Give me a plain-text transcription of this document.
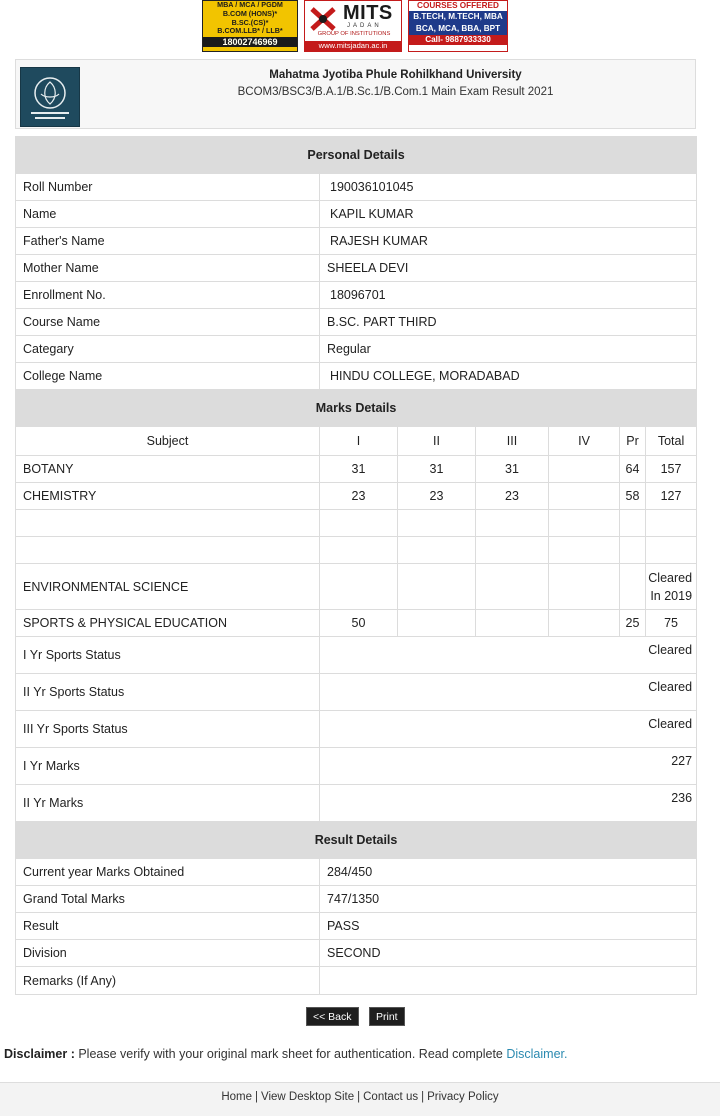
MBA / MCA / PGDM
B.COM (HONS)*
B.SC.(CS)*
B.COM.LLB* / LLB*
18002746969
MITS
JADAN
GROUP OF INSTITUTIONS
www.mitsjadan.ac.in
COURSES OFFERED
B.TECH, M.TECH, MBA
BCA, MCA, BBA, BPT
Call- 9887933330
Mahatma Jyotiba Phule Rohilkhand University
BCOM3/BSC3/B.A.1/B.Sc.1/B.Com.1 Main Exam Result 2021
Personal Details						
Roll Number	190036101045					
Name	KAPIL KUMAR					
Father's Name	RAJESH KUMAR					
Mother Name	SHEELA DEVI					
Enrollment No.	18096701					
Course Name	B.SC. PART THIRD					
Categary	Regular					
College Name	HINDU COLLEGE, MORADABAD					
Marks Details						
Subject	I	II	III	IV	Pr	Total
BOTANY	31	31	31		64	157
CHEMISTRY	23	23	23		58	127

ENVIRONMENTAL SCIENCE						Cleared In 2019
SPORTS & PHYSICAL EDUCATION	50				25	75
I Yr Sports Status	Cleared					
II Yr Sports Status	Cleared					
III Yr Sports Status	Cleared					
I Yr Marks	227					
II Yr Marks	236					
Result Details						
Current year Marks Obtained	284/450					
Grand Total Marks	747/1350					
Result	PASS					
Division	SECOND					
Remarks (If Any)						
<< Back	Print
Disclaimer : Please verify with your original mark sheet for authentication. Read complete Disclaimer.
Home | View Desktop Site | Contact us | Privacy Policy
